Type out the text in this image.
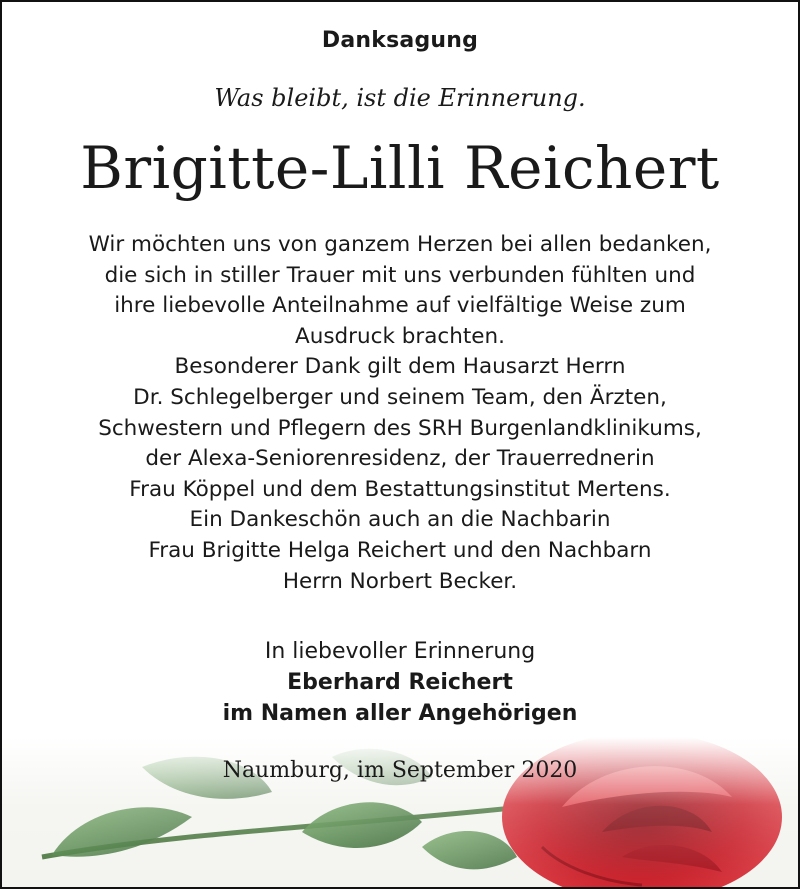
Danksagung
Was bleibt, ist die Erinnerung.
Brigitte-Lilli Reichert
Wir möchten uns von ganzem Herzen bei allen bedanken,
die sich in stiller Trauer mit uns verbunden fühlten und
ihre liebevolle Anteilnahme auf vielfältige Weise zum
Ausdruck brachten.
Besonderer Dank gilt dem Hausarzt Herrn
Dr. Schlegelberger und seinem Team, den Ärzten,
Schwestern und Pflegern des SRH Burgenlandklinikums,
der Alexa-Seniorenresidenz, der Trauerrednerin
Frau Köppel und dem Bestattungsinstitut Mertens.
Ein Dankeschön auch an die Nachbarin
Frau Brigitte Helga Reichert und den Nachbarn
Herrn Norbert Becker.
In liebevoller Erinnerung
Eberhard Reichert
im Namen aller Angehörigen
Naumburg, im September 2020
